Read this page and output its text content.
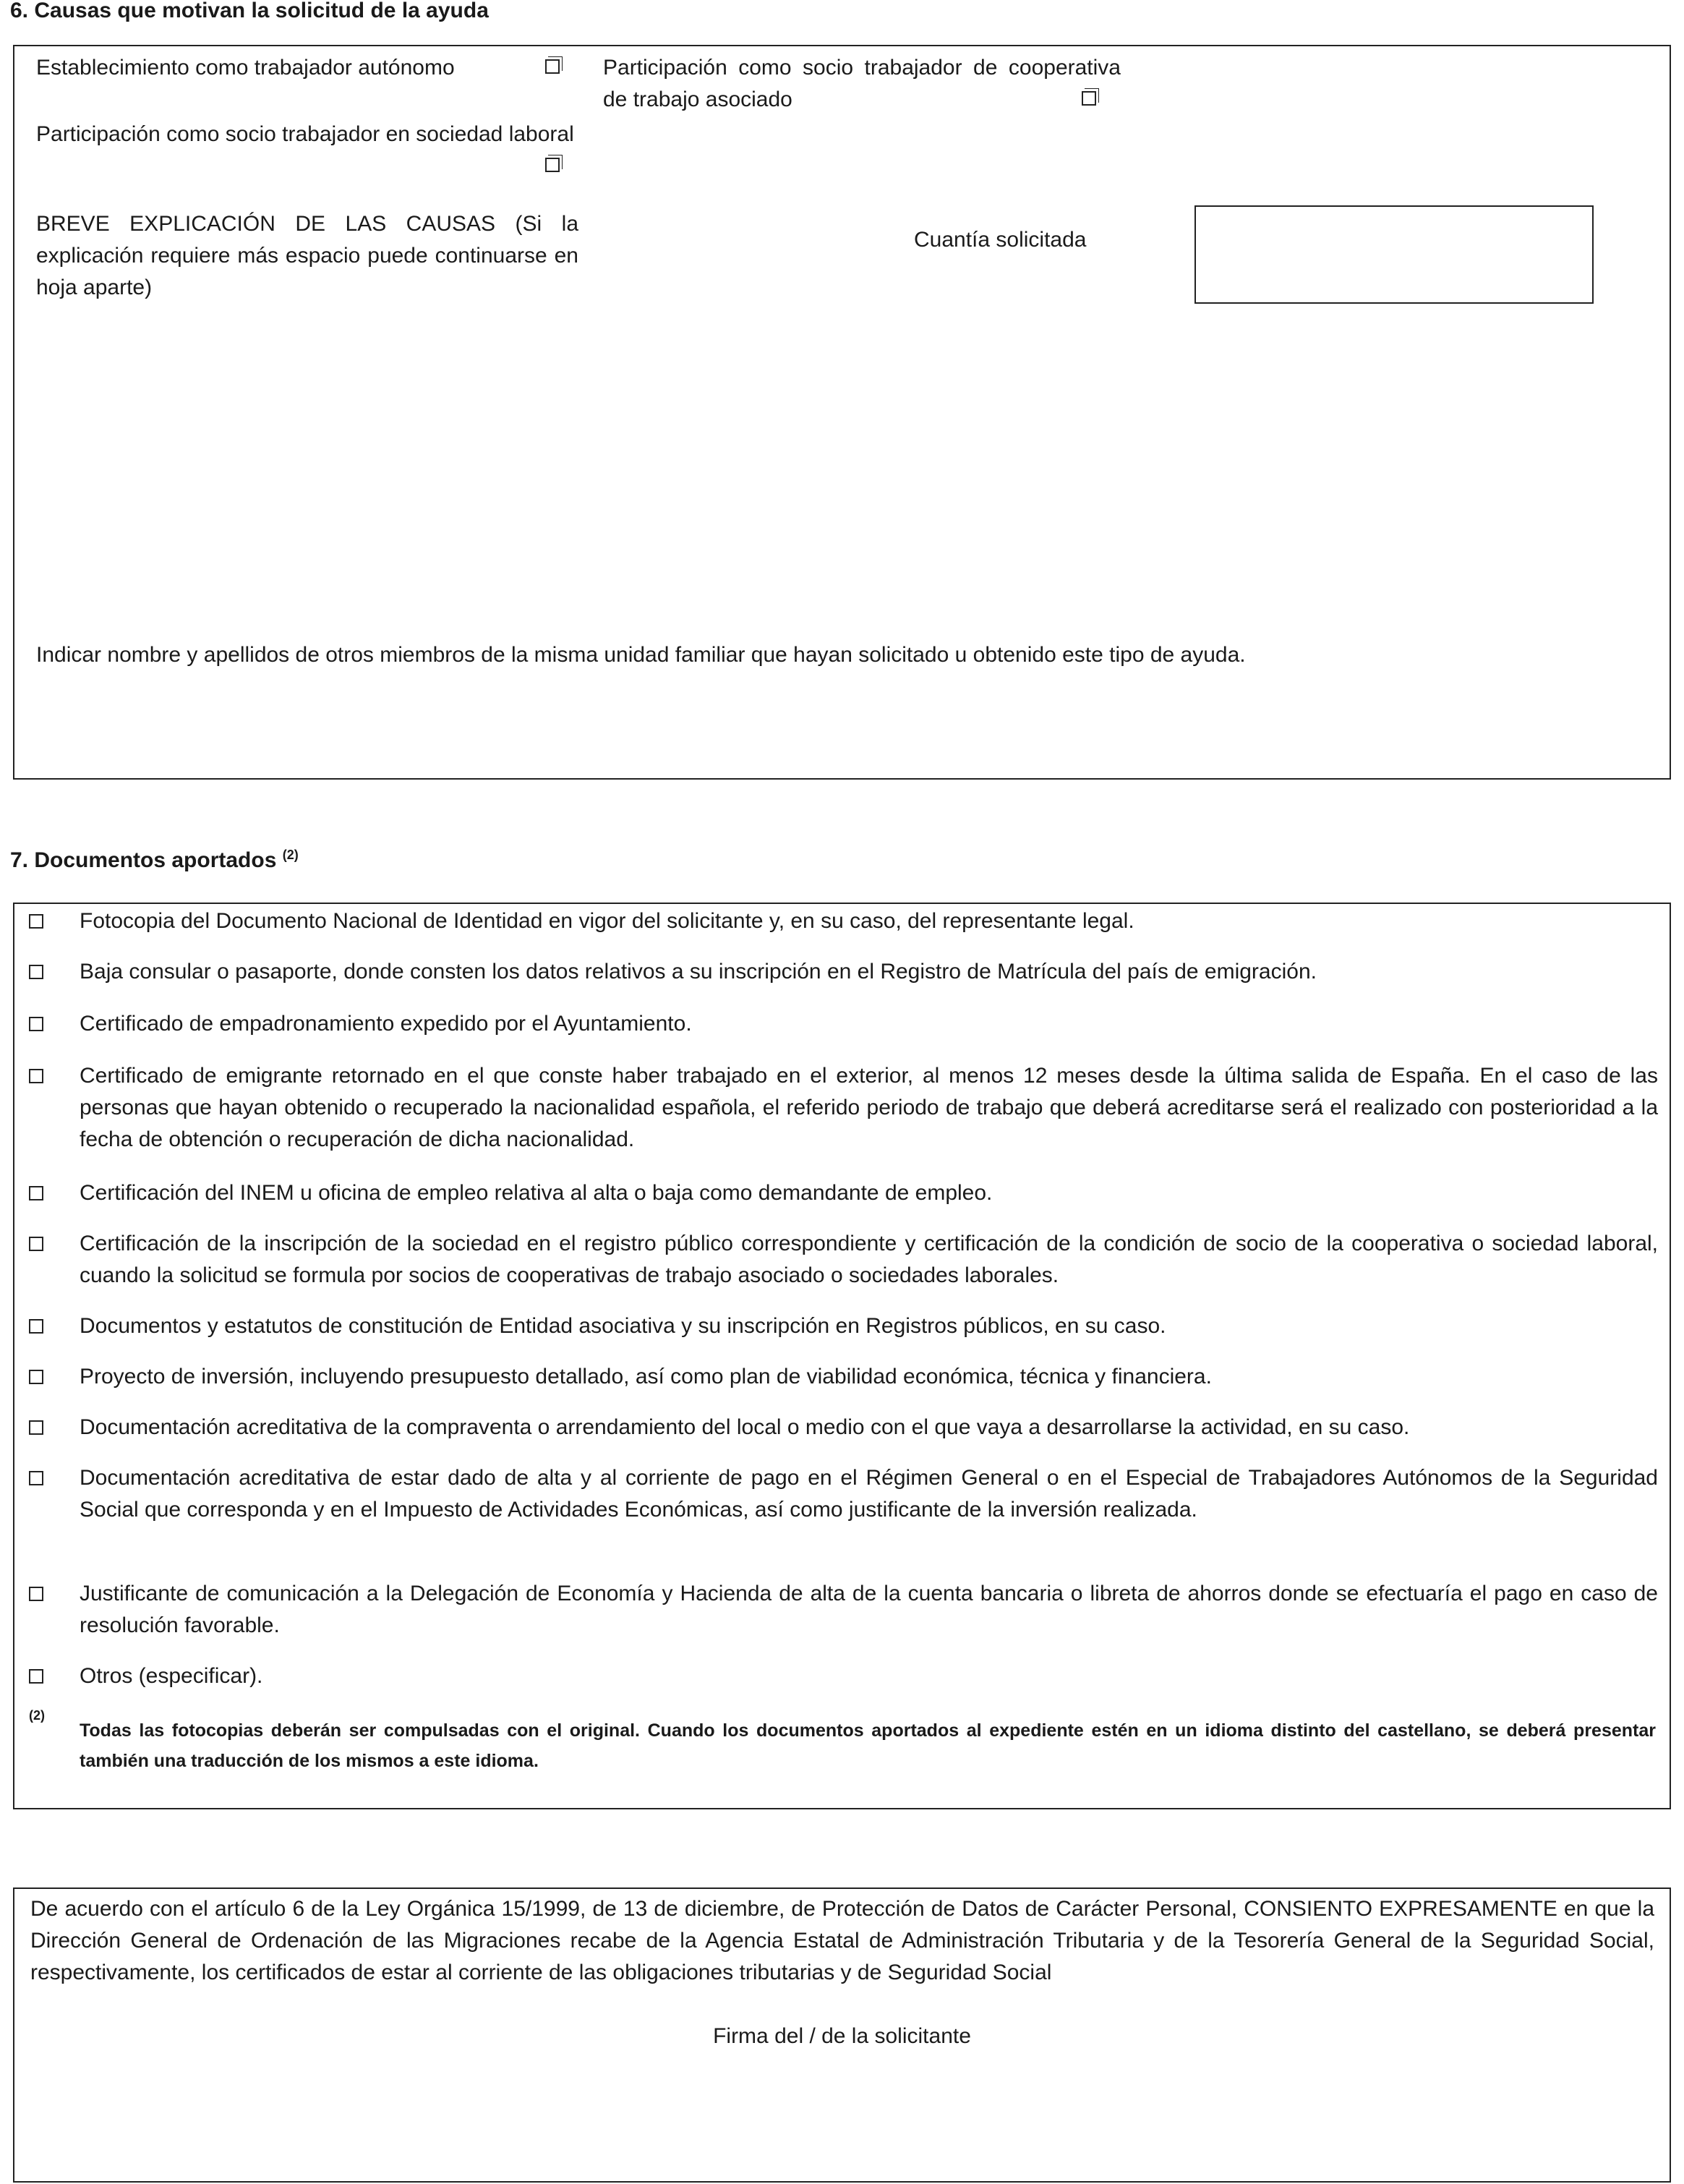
6. Causas que motivan la solicitud de la ayuda
Establecimiento como trabajador autónomo	Participación como socio trabajador de cooperativa de trabajo asociado
Participación como socio trabajador en sociedad laboral
BREVE EXPLICACIÓN DE LAS CAUSAS (Si la explicación requiere más espacio puede continuarse en hoja aparte)
Cuantía solicitada
Indicar nombre y apellidos de otros miembros de la misma unidad familiar que hayan solicitado u obtenido este tipo de ayuda.
7. Documentos aportados $^{(2)}$
Fotocopia del Documento Nacional de Identidad en vigor del solicitante y, en su caso, del representante legal.
Baja consular o pasaporte, donde consten los datos relativos a su inscripción en el Registro de Matrícula del país de emigración.
Certificado de empadronamiento expedido por el Ayuntamiento.
Certificado de emigrante retornado en el que conste haber trabajado en el exterior, al menos 12 meses desde la última salida de España. En el caso de las personas que hayan obtenido o recuperado la nacionalidad española, el referido periodo de trabajo que deberá acreditarse será el realizado con posterioridad a la fecha de obtención o recuperación de dicha nacionalidad.
Certificación del INEM u oficina de empleo relativa al alta o baja como demandante de empleo.
Certificación de la inscripción de la sociedad en el registro público correspondiente y certificación de la condición de socio de la cooperativa o sociedad laboral, cuando la solicitud se formula por socios de cooperativas de trabajo asociado o sociedades laborales.
Documentos y estatutos de constitución de Entidad asociativa y su inscripción en Registros públicos, en su caso.
Proyecto de inversión, incluyendo presupuesto detallado, así como plan de viabilidad económica, técnica y financiera.
Documentación acreditativa de la compraventa o arrendamiento del local o medio con el que vaya a desarrollarse la actividad, en su caso.
Documentación acreditativa de estar dado de alta y al corriente de pago en el Régimen General o en el Especial de Trabajadores Autónomos de la Seguridad Social que corresponda y en el Impuesto de Actividades Económicas, así como justificante de la inversión realizada.
Justificante de comunicación a la Delegación de Economía y Hacienda de alta de la cuenta bancaria o libreta de ahorros donde se efectuaría el pago en caso de resolución favorable.
Otros (especificar).
(2)
Todas las fotocopias deberán ser compulsadas con el original. Cuando los documentos aportados al expediente estén en un idioma distinto del castellano, se deberá presentar también una traducción de los mismos a este idioma.
De acuerdo con el artículo 6 de la Ley Orgánica 15/1999, de 13 de diciembre, de Protección de Datos de Carácter Personal, CONSIENTO EXPRESAMENTE en que la Dirección General de Ordenación de las Migraciones recabe de la Agencia Estatal de Administración Tributaria y de la Tesorería General de la Seguridad Social, respectivamente, los certificados de estar al corriente de las obligaciones tributarias y de Seguridad Social
Firma del / de la solicitante
